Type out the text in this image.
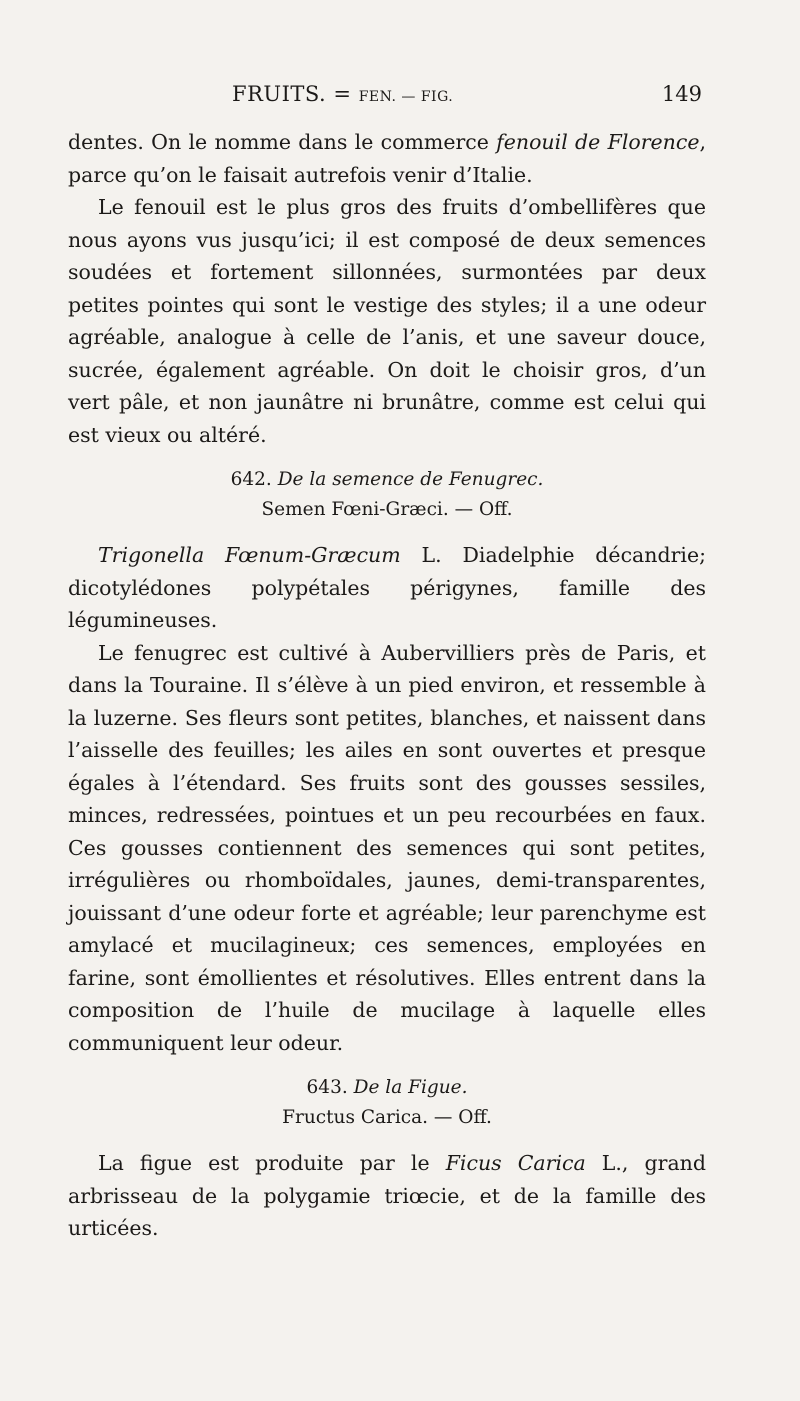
FRUITS. = FEN. — FIG.	149

dentes. On le nomme dans le commerce fenouil de Florence, parce qu’on le faisait autrefois venir d’Italie.

Le fenouil est le plus gros des fruits d’ombellifères que nous ayons vus jusqu’ici; il est composé de deux semences soudées et fortement sillonnées, surmontées par deux petites pointes qui sont le vestige des styles; il a une odeur agréable, analogue à celle de l’anis, et une saveur douce, sucrée, également agréable. On doit le choisir gros, d’un vert pâle, et non jaunâtre ni brunâtre, comme est celui qui est vieux ou altéré.

642. De la semence de Fenugrec.
Semen Fœni-Græci. — Off.

Trigonella Fœnum-Græcum L. Diadelphie décandrie; dicotylédones polypétales périgynes, famille des légumineuses.

Le fenugrec est cultivé à Aubervilliers près de Paris, et dans la Touraine. Il s’élève à un pied environ, et ressemble à la luzerne. Ses fleurs sont petites, blanches, et naissent dans l’aisselle des feuilles; les ailes en sont ouvertes et presque égales à l’étendard. Ses fruits sont des gousses sessiles, minces, redressées, pointues et un peu recourbées en faux. Ces gousses contiennent des semences qui sont petites, irrégulières ou rhomboïdales, jaunes, demi-transparentes, jouissant d’une odeur forte et agréable; leur parenchyme est amylacé et mucilagineux; ces semences, employées en farine, sont émollientes et résolutives. Elles entrent dans la composition de l’huile de mucilage à laquelle elles communiquent leur odeur.

643. De la Figue.
Fructus Carica. — Off.

La figue est produite par le Ficus Carica L., grand arbrisseau de la polygamie triœcie, et de la famille des urticées.
